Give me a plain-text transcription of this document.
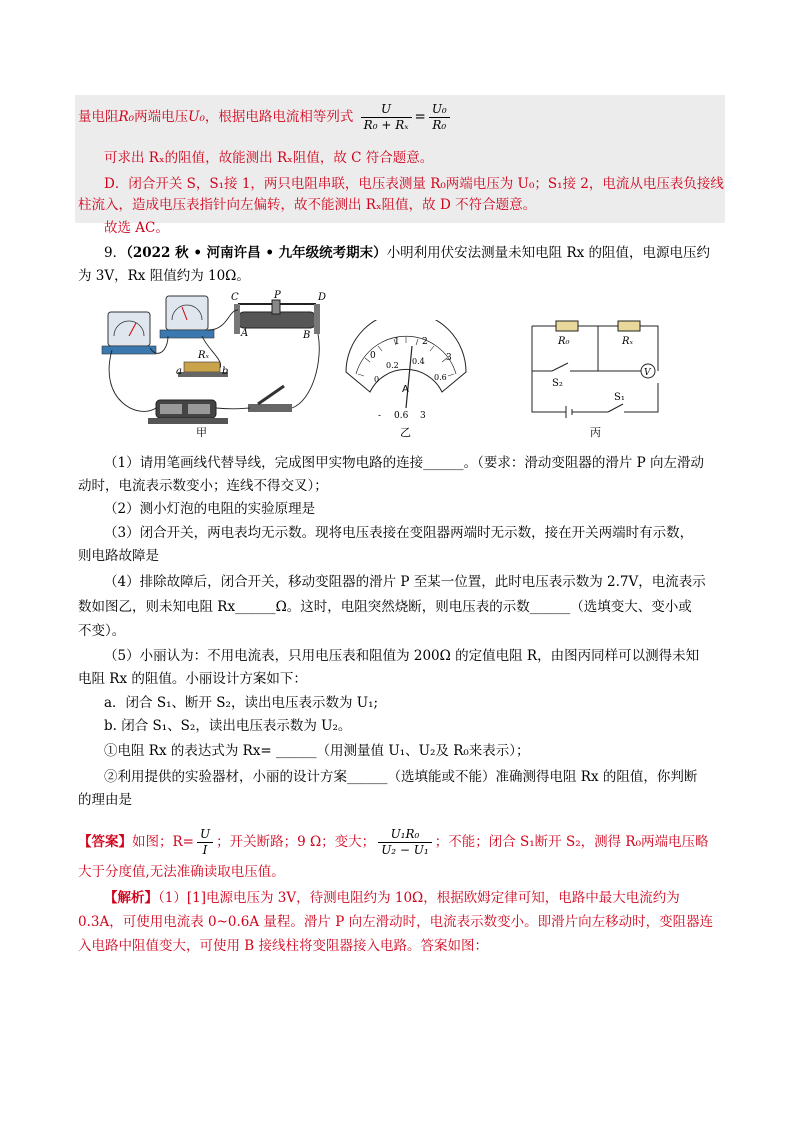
量电阻R₀两端电压U₀，根据电路电流相等列式 $\frac{U}{\text{R₀ + Rₓ}} = \frac{\text{U₀}}{\text{R₀}}$
可求出 Rₓ的阻值，故能测出 Rₓ阻值，故 C 符合题意。
D．闭合开关 S，S₁接 1，两只电阻串联，电压表测量 R₀两端电压为 U₀；S₁接 2，电流从电压表负接线
柱流入，造成电压表指针向左偏转，故不能测出 Rₓ阻值，故 D 不符合题意。
故选 AC。
9．（2022 秋 • 河南许昌 • 九年级统考期末）小明利用伏安法测量未知电阻 Rx 的阻值，电源电压约
为 3V，Rx 阻值约为 10Ω。
C	P	D
A	B
a	b
Rₓ
甲
0
1 2
3
0
0.2 0.4
0.6
A
- 0.6 3
乙
V
R₀	Rₓ
S₂
S₁
丙
（1）请用笔画线代替导线，完成图甲实物电路的连接______。（要求：滑动变阻器的滑片 P 向左滑动
动时，电流表示数变小；连线不得交叉）；
（2）测小灯泡的电阻的实验原理是
（3）闭合开关，两电表均无示数。现将电压表接在变阻器两端时无示数，接在开关两端时有示数，
则电路故障是
（4）排除故障后，闭合开关，移动变阻器的滑片 P 至某一位置，此时电压表示数为 2.7V，电流表示
数如图乙，则未知电阻 Rx______Ω。这时，电阻突然烧断，则电压表的示数______（选填变大、变小或
不变）。
（5）小丽认为：不用电流表，只用电压表和阻值为 200Ω 的定值电阻 R，由图丙同样可以测得未知
电阻 Rx 的阻值。小丽设计方案如下：
a．闭合 S₁、断开 S₂，读出电压表示数为 U₁;
b. 闭合 S₁、S₂，读出电压表示数为 U₂。
①电阻 Rx 的表达式为 Rx= ______（用测量值 U₁、U₂及 R₀来表示）；
②利用提供的实验器材，小丽的设计方案______（选填能或不能）准确测得电阻 Rx 的阻值，你判断
的理由是
【答案】如图；$R= \frac{U}{I}$ ；开关断路；9 Ω；变大； $\frac{\text{U₁R₀}}{\text{U₂ − U₁}}$ ；不能；闭合 S₁断开 S₂，测得 R₀两端电压略
大于分度值,无法准确读取电压值。
【解析】（1）[1]电源电压为 3V，待测电阻约为 10Ω，根据欧姆定律可知，电路中最大电流约为
0.3A，可使用电流表 0~0.6A 量程。滑片 P 向左滑动时，电流表示数变小。即滑片向左移动时，变阻器连
入电路中阻值变大，可使用 B 接线柱将变阻器接入电路。答案如图：
